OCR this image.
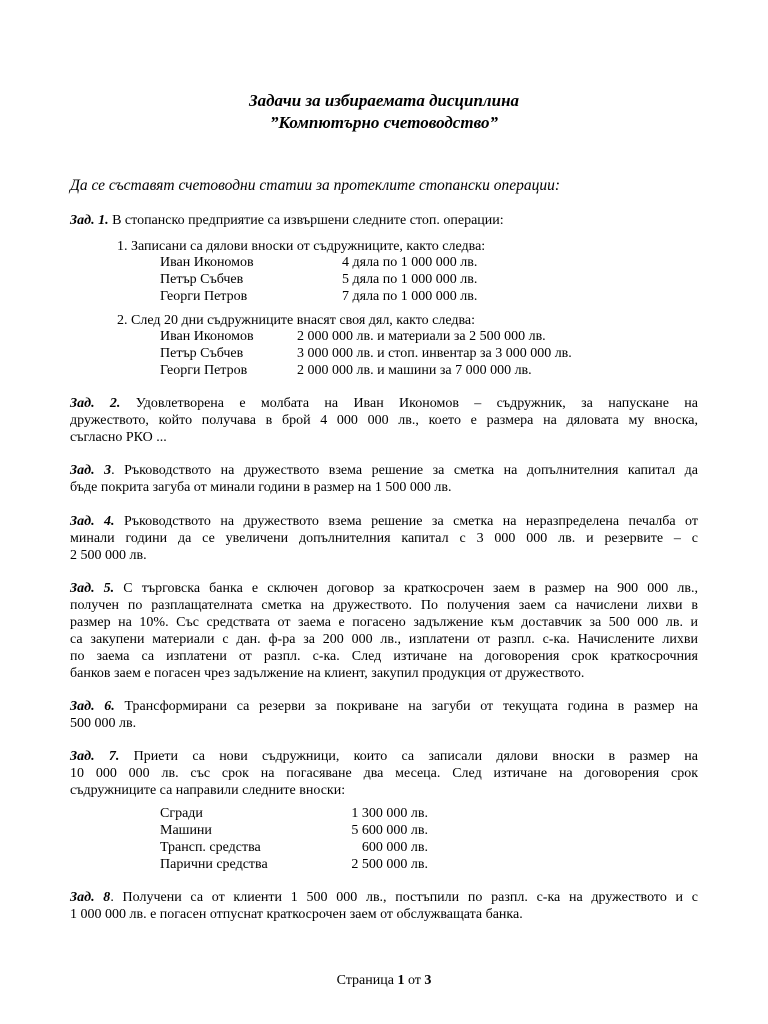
Задачи за избираемата дисциплина
”Компютърно счетоводство”
Да се съставят счетоводни статии за протеклите стопански операции:
Зад. 1. В стопанско предприятие са извършени следните стоп. операции:
1. Записани са дялови вноски от съдружниците, както следва:
Иван Икономов	4 дяла по 1 000 000 лв.
Петър Събчев	5 дяла по 1 000 000 лв.
Георги Петров	7 дяла по 1 000 000 лв.
2. След 20 дни съдружниците внасят своя дял, както следва:
Иван Икономов	2 000 000 лв. и материали за 2 500 000 лв.
Петър Събчев	3 000 000 лв. и стоп. инвентар за 3 000 000 лв.
Георги Петров	2 000 000 лв. и машини за 7 000 000 лв.
Зад. 2. Удовлетворена е молбата на Иван Икономов – съдружник, за напускане на
дружеството, който получава в брой 4 000 000 лв., което е размера на дяловата му вноска,
съгласно РКО ...
Зад. 3. Ръководството на дружеството взема решение за сметка на допълнителния капитал да
бъде покрита загуба от минали години в размер на 1 500 000 лв.
Зад. 4. Ръководството на дружеството взема решение за сметка на неразпределена печалба от
минали години да се увеличени допълнителния капитал с 3 000 000 лв. и резервите – с
2 500 000 лв.
Зад. 5. С търговска банка е сключен договор за краткосрочен заем в размер на 900 000 лв.,
получен по разплащателната сметка на дружеството. По получения заем са начислени лихви в
размер на 10%. Със средствата от заема е погасено задължение към доставчик за 500 000 лв. и
са закупени материали с дан. ф-ра за 200 000 лв., изплатени от разпл. с-ка. Начислените лихви
по заема са изплатени от разпл. с-ка. След изтичане на договорения срок краткосрочния
банков заем е погасен чрез задължение на клиент, закупил продукция от дружеството.
Зад. 6. Трансформирани са резерви за покриване на загуби от текущата година в размер на
500 000 лв.
Зад. 7. Приети са нови съдружници, които са записали дялови вноски в размер на
10 000 000 лв. със срок на погасяване два месеца. След изтичане на договорения срок
съдружниците са направили следните вноски:
Сгради	1 300 000 лв.
Машини	5 600 000 лв.
Трансп. средства	600 000 лв.
Парични средства	2 500 000 лв.
Зад. 8. Получени са от клиенти 1 500 000 лв., постъпили по разпл. с-ка на дружеството и с
1 000 000 лв. е погасен отпуснат краткосрочен заем от обслужващата банка.
Страница 1 от 3
